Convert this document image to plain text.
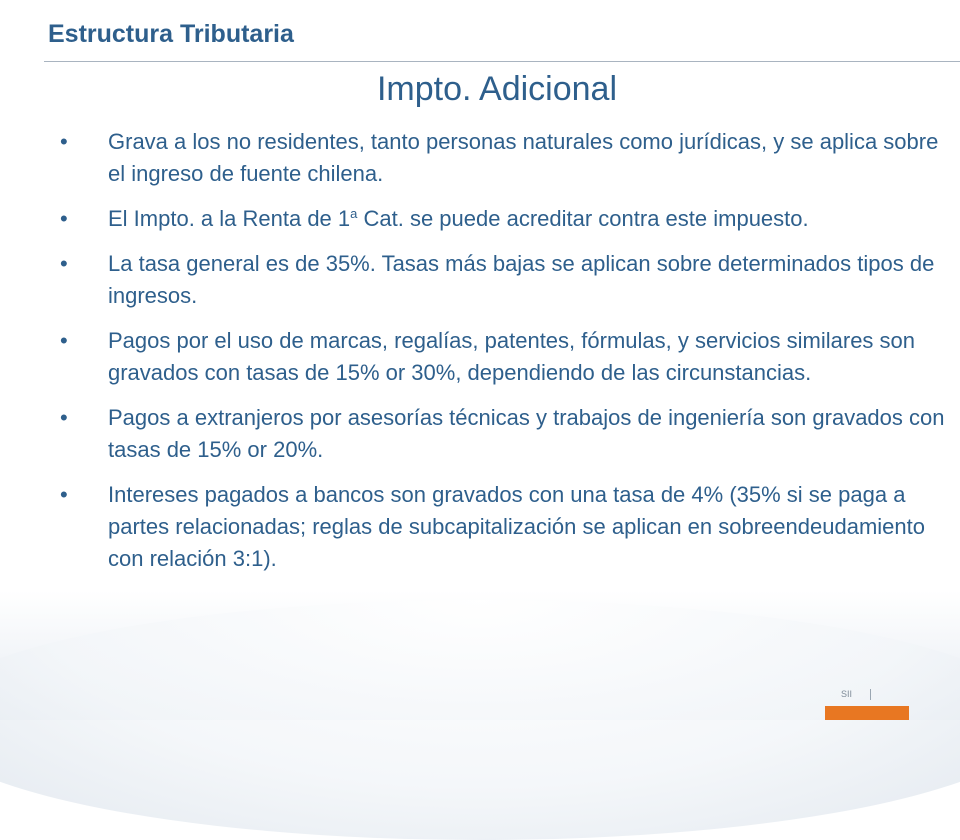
Estructura Tributaria
Impto. Adicional
•	Grava a los no residentes, tanto personas naturales como jurídicas, y se aplica sobre el ingreso de fuente chilena.
•	El Impto. a la Renta de 1$^a$ Cat. se puede acreditar contra este impuesto.
•	La tasa general es de 35%. Tasas más bajas se aplican sobre determinados tipos de ingresos.
•	Pagos por el uso de marcas, regalías, patentes, fórmulas, y servicios similares son gravados con tasas de 15% or 30%, dependiendo de las circunstancias.
•	Pagos a extranjeros por asesorías técnicas y trabajos de ingeniería son gravados con tasas de 15% or 20%.
•	Intereses pagados a bancos son gravados con una tasa de 4% (35% si se paga a partes relacionadas; reglas de subcapitalización se aplican en sobreendeudamiento con relación 3:1).
SII
